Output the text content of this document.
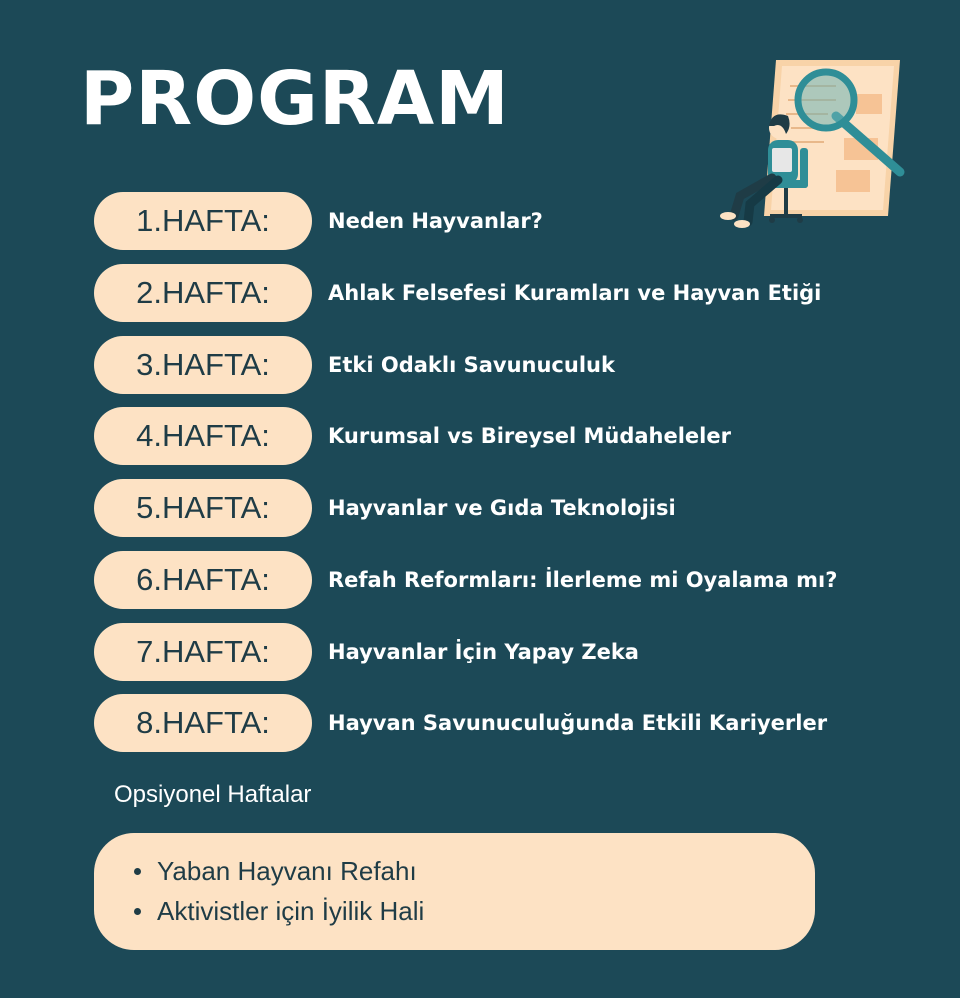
PROGRAM
1.HAFTA:	Neden Hayvanlar?
2.HAFTA:	Ahlak Felsefesi Kuramları ve Hayvan Etiği
3.HAFTA:	Etki Odaklı Savunuculuk
4.HAFTA:	Kurumsal vs Bireysel Müdaheleler
5.HAFTA:	Hayvanlar ve Gıda Teknolojisi
6.HAFTA:	Refah Reformları: İlerleme mi Oyalama mı?
7.HAFTA:	Hayvanlar İçin Yapay Zeka
8.HAFTA:	Hayvan Savunuculuğunda Etkili Kariyerler
Opsiyonel Haftalar
Yaban Hayvanı Refahı
Aktivistler için İyilik Hali
